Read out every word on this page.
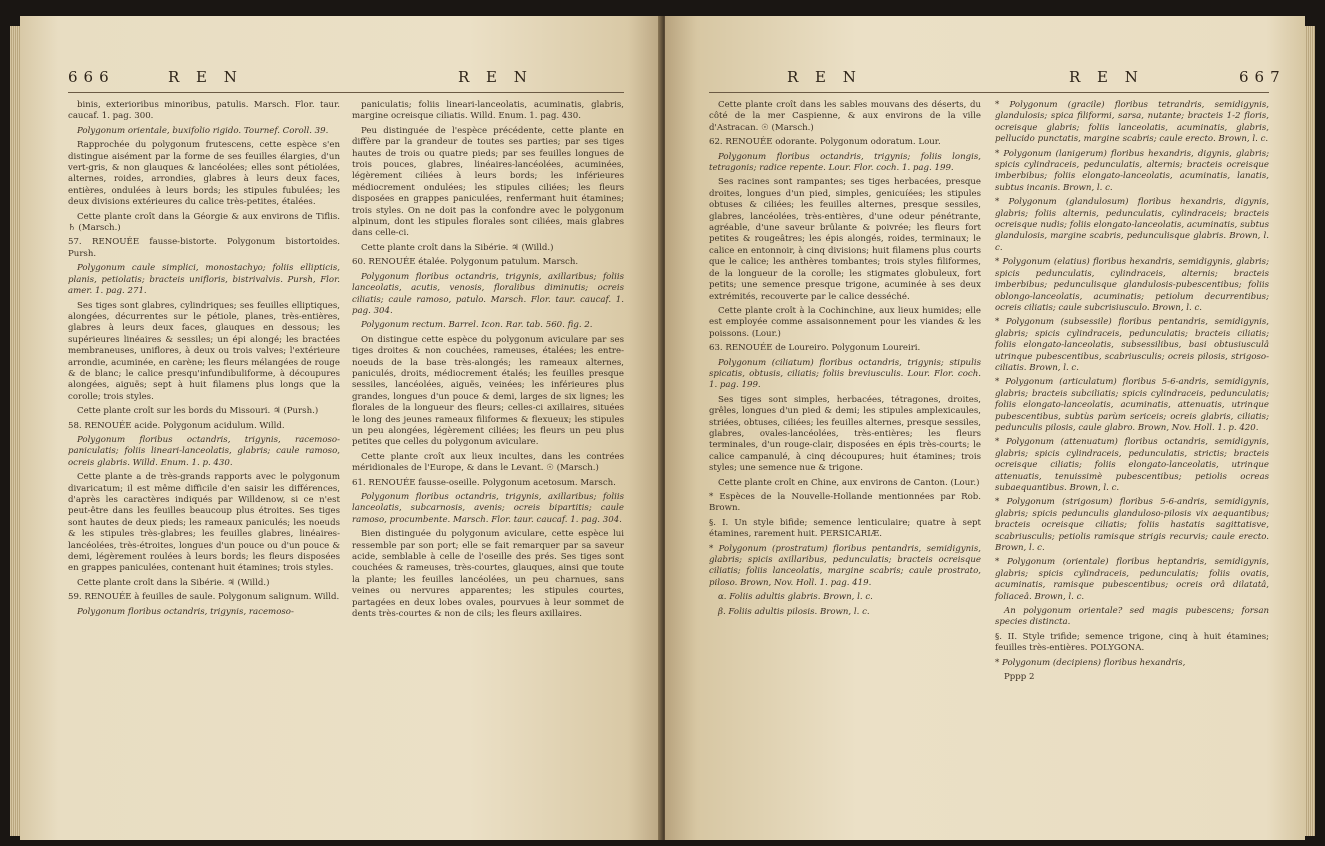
666	R E N	R E N

binis, exterioribus minoribus, patulis. Marsch. Flor. taur. caucaf. 1. pag. 300.

Polygonum orientale, buxifolio rigido. Tournef. Coroll. 39.

Rapprochée du polygonum frutescens, cette espèce s'en distingue aisément par la forme de ses feuilles élargies, d'un vert-gris, & non glauques & lancéolées; elles sont pétiolées, alternes, roides, arrondies, glabres à leurs deux faces, entières, ondulées à leurs bords; les stipules fubulées; les deux divisions extérieures du calice très-petites, étalées.

Cette plante croît dans la Géorgie & aux environs de Tiflis. ♄ (Marsch.)

57. RENOUÉE fausse-bistorte. Polygonum bistortoides. Pursh.

Polygonum caule simplici, monostachyo; foliis ellipticis, planis, petiolatis; bracteis unifloris, bistrivalvis. Pursh, Flor. amer. 1. pag. 271.

Ses tiges sont glabres, cylindriques; ses feuilles elliptiques, alongées, décurrentes sur le pétiole, planes, très-entières, glabres à leurs deux faces, glauques en dessous; les supérieures linéaires & sessiles; un épi alongé; les bractées membraneuses, uniflores, à deux ou trois valves; l'extérieure arrondie, acuminée, en carène; les fleurs mélangées de rouge & de blanc; le calice presqu'infundibuliforme, à découpures alongées, aiguës; sept à huit filamens plus longs que la corolle; trois styles.

Cette plante croît sur les bords du Missouri. ♃ (Pursh.)

58. RENOUÉE acide. Polygonum acidulum. Willd.

Polygonum floribus octandris, trigynis, racemoso-paniculatis; foliis lineari-lanceolatis, glabris; caule ramoso, ocreis glabris. Willd. Enum. 1. p. 430.

Cette plante a de très-grands rapports avec le polygonum divaricatum; il est même difficile d'en saisir les différences, d'après les caractères indiqués par Willdenow, si ce n'est peut-être dans les feuilles beaucoup plus étroites. Ses tiges sont hautes de deux pieds; les rameaux paniculés; les noeuds & les stipules très-glabres; les feuilles glabres, linéaires-lancéolées, très-étroites, longues d'un pouce ou d'un pouce & demi, légèrement roulées à leurs bords; les fleurs disposées en grappes paniculées, contenant huit étamines; trois styles.

Cette plante croît dans la Sibérie. ♃ (Willd.)

59. RENOUÉE à feuilles de saule. Polygonum salignum. Willd.

Polygonum floribus octandris, trigynis, racemoso-

paniculatis; foliis lineari-lanceolatis, acuminatis, glabris, margine ocreisque ciliatis. Willd. Enum. 1. pag. 430.

Peu distinguée de l'espèce précédente, cette plante en diffère par la grandeur de toutes ses parties; par ses tiges hautes de trois ou quatre pieds; par ses feuilles longues de trois pouces, glabres, linéaires-lancéolées, acuminées, légèrement ciliées à leurs bords; les inférieures médiocrement ondulées; les stipules ciliées; les fleurs disposées en grappes paniculées, renfermant huit étamines; trois styles. On ne doit pas la confondre avec le polygonum alpinum, dont les stipules florales sont ciliées, mais glabres dans celle-ci.

Cette plante croît dans la Sibérie. ♃ (Willd.)

60. RENOUÉE étalée. Polygonum patulum. Marsch.

Polygonum floribus octandris, trigynis, axillaribus; foliis lanceolatis, acutis, venosis, floralibus diminutis; ocreis ciliatis; caule ramoso, patulo. Marsch. Flor. taur. caucaf. 1. pag. 304.

Polygonum rectum. Barrel. Icon. Rar. tab. 560. fig. 2.

On distingue cette espèce du polygonum aviculare par ses tiges droites & non couchées, rameuses, étalées; les entre-noeuds de la base très-alongés; les rameaux alternes, paniculés, droits, médiocrement étalés; les feuilles presque sessiles, lancéolées, aiguës, veinées; les inférieures plus grandes, longues d'un pouce & demi, larges de six lignes; les florales de la longueur des fleurs; celles-ci axillaires, situées le long des jeunes rameaux filiformes & flexueux; les stipules un peu alongées, légèrement ciliées; les fleurs un peu plus petites que celles du polygonum aviculare.

Cette plante croît aux lieux incultes, dans les contrées méridionales de l'Europe, & dans le Levant. ☉ (Marsch.)

61. RENOUÉE fausse-oseille. Polygonum acetosum. Marsch.

Polygonum floribus octandris, trigynis, axillaribus; foliis lanceolatis, subcarnosis, avenis; ocreis bipartitis; caule ramoso, procumbente. Marsch. Flor. taur. caucaf. 1. pag. 304.

Bien distinguée du polygonum aviculare, cette espèce lui ressemble par son port; elle se fait remarquer par sa saveur acide, semblable à celle de l'oseille des prés. Ses tiges sont couchées & rameuses, très-courtes, glauques, ainsi que toute la plante; les feuilles lancéolées, un peu charnues, sans veines ou nervures apparentes; les stipules courtes, partagées en deux lobes ovales, pourvues à leur sommet de dents très-courtes & non de cils; les fleurs axillaires.

R E N	R E N	667

Cette plante croît dans les sables mouvans des déserts, du côté de la mer Caspienne, & aux environs de la ville d'Astracan. ☉ (Marsch.)

62. RENOUÉE odorante. Polygonum odoratum. Lour.

Polygonum floribus octandris, trigynis; foliis longis, tetragonis; radice repente. Lour. Flor. coch. 1. pag. 199.

Ses racines sont rampantes; ses tiges herbacées, presque droites, longues d'un pied, simples, genicuíées; les stipules obtuses & ciliées; les feuilles alternes, presque sessiles, glabres, lancéolées, très-entières, d'une odeur pénétrante, agréable, d'une saveur brûlante & poivrée; les fleurs fort petites & rougeâtres; les épis alongés, roides, terminaux; le calice en entonnoir, à cinq divisions; huit filamens plus courts que le calice; les anthères tombantes; trois styles filiformes, de la longueur de la corolle; les stigmates globuleux, fort petits; une semence presque trigone, acuminée à ses deux extrémités, recouverte par le calice desséché.

Cette plante croît à la Cochinchine, aux lieux humides; elle est employée comme assaisonnement pour les viandes & les poissons. (Lour.)

63. RENOUÉE de Loureiro. Polygonum Loureiri.

Polygonum (ciliatum) floribus octandris, trigynis; stipulis spicatis, obtusis, ciliatis; foliis breviusculis. Lour. Flor. coch. 1. pag. 199.

Ses tiges sont simples, herbacées, tétragones, droites, grêles, longues d'un pied & demi; les stipules amplexicaules, striées, obtuses, ciliées; les feuilles alternes, presque sessiles, glabres, ovales-lancéolées, très-entières; les fleurs terminales, d'un rouge-clair, disposées en épis très-courts; le calice campanulé, à cinq découpures; huit étamines; trois styles; une semence nue & trigone.

Cette plante croît en Chine, aux environs de Canton. (Lour.)

* Espèces de la Nouvelle-Hollande mentionnées par Rob. Brown.

§. I. Un style bifide; semence lenticulaire; quatre à sept étamines, rarement huit. PERSICARIÆ.

* Polygonum (prostratum) floribus pentandris, semidigynis, glabris; spicis axillaribus, pedunculatis; bracteis ocreisque ciliatis; foliis lanceolatis, margine scabris; caule prostrato, piloso. Brown, Nov. Holl. 1. pag. 419.

α. Foliis adultis glabris. Brown, l. c.

β. Foliis adultis pilosis. Brown, l. c.

* Polygonum (gracile) floribus tetrandris, semidigynis, glandulosis; spica filiformi, sarsa, nutante; bracteis 1-2 floris, ocreisque glabris; foliis lanceolatis, acuminatis, glabris, pellucido punctatis, margine scabris; caule erecto. Brown, l. c.

* Polygonum (lanigerum) floribus hexandris, digynis, glabris; spicis cylindraceis, pedunculatis, alternis; bracteis ocreisque imberbibus; foliis elongato-lanceolatis, acuminatis, lanatis, subtus incanis. Brown, l. c.

* Polygonum (glandulosum) floribus hexandris, digynis, glabris; foliis alternis, pedunculatis, cylindraceis; bracteis ocreisque nudis; foliis elongato-lanceolatis, acuminatis, subtus glandulosis, margine scabris, pedunculisque glabris. Brown, l. c.

* Polygonum (elatius) floribus hexandris, semidigynis, glabris; spicis pedunculatis, cylindraceis, alternis; bracteis imberbibus; pedunculisque glandulosis-pubescentibus; foliis oblongo-lanceolatis, acuminatis; petiolum decurrentibus; ocreis ciliatis; caule subcrisiusculo. Brown, l. c.

* Polygonum (subsessile) floribus pentandris, semidigynis, glabris; spicis cylindraceis, pedunculatis; bracteis ciliatis; foliis elongato-lanceolatis, subsessilibus, basi obtusiusculâ utrinque pubescentibus, scabriusculis; ocreis pilosis, strigoso-ciliatis. Brown, l. c.

* Polygonum (articulatum) floribus 5-6-andris, semidigynis, glabris; bracteis subciliatis; spicis cylindraceis, pedunculatis; foliis elongato-lanceolatis, acuminatis, attenuatis, utrinque pubescentibus, subtùs parùm sericeis; ocreis glabris, ciliatis; pedunculis pilosis, caule glabro. Brown, Nov. Holl. 1. p. 420.

* Polygonum (attenuatum) floribus octandris, semidigynis, glabris; spicis cylindraceis, pedunculatis, strictis; bracteis ocreisque ciliatis; foliis elongato-lanceolatis, utrinque attenuatis, tenuissimè pubescentibus; petiolis ocreas subaequantibus. Brown, l. c.

* Polygonum (strigosum) floribus 5-6-andris, semidigynis, glabris; spicis pedunculis glanduloso-pilosis vix aequantibus; bracteis ocreisque ciliatis; foliis hastatis sagittatisve, scabriusculis; petiolis ramisque strigis recurvis; caule erecto. Brown, l. c.

* Polygonum (orientale) floribus heptandris, semidigynis, glabris; spicis cylindraceis, pedunculatis; foliis ovatis, acuminatis, ramisque pubescentibus; ocreis orâ dilatatâ, foliaceâ. Brown, l. c.

An polygonum orientale? sed magis pubescens; forsan species distincta.

§. II. Style trifide; semence trigone, cinq à huit étamines; feuilles très-entières. POLYGONA.

* Polygonum (decipiens) floribus hexandris,

Pppp 2
